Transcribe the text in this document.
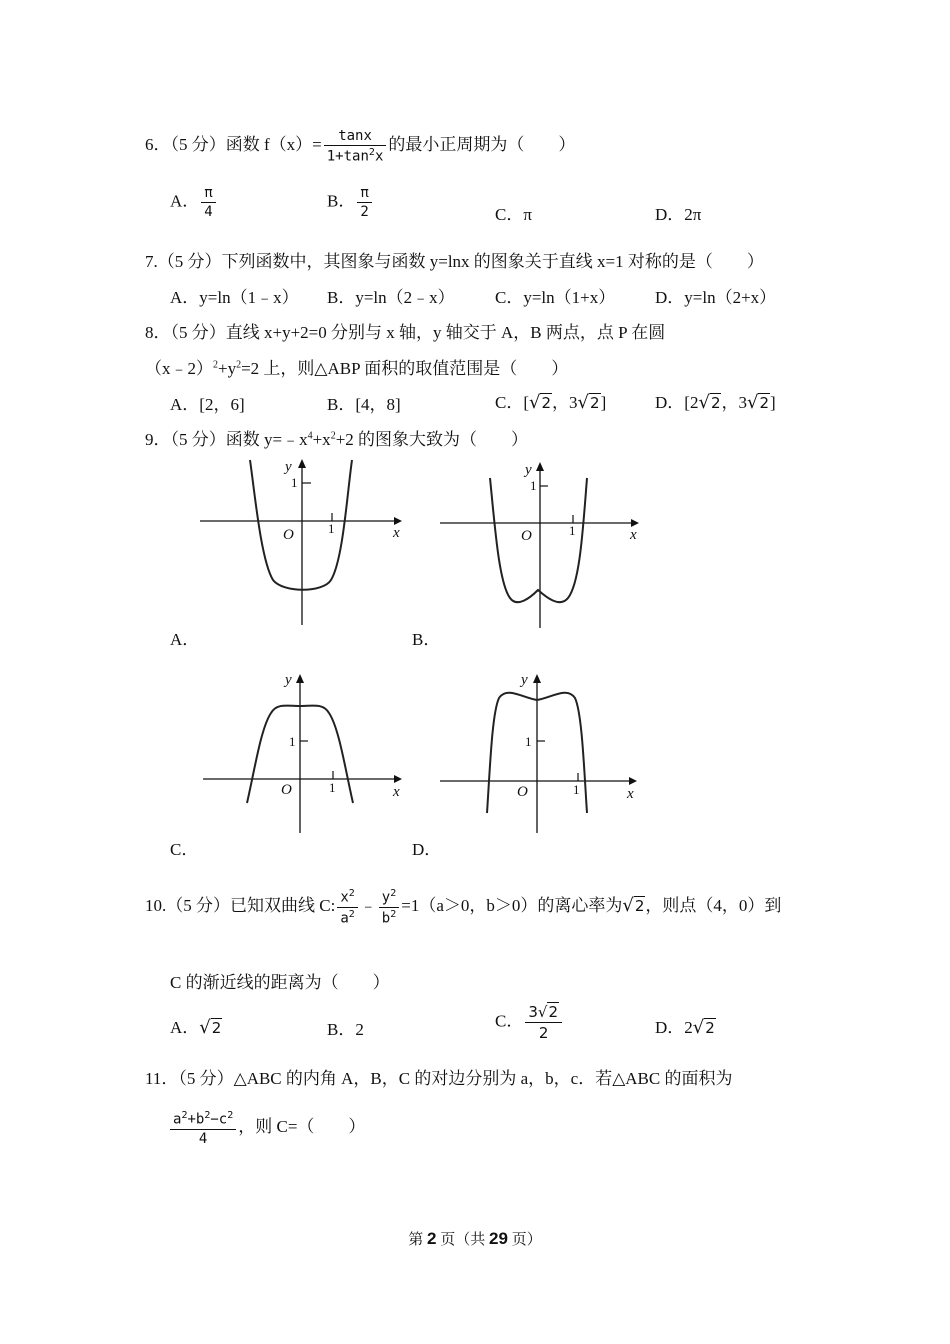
6．（5 分）函数 $f(x)= \frac{\tan x}{1+\tan^2x}$ 的最小正周期为（　　）
A． $\frac{\pi}{4}$	B． $\frac{\pi}{2}$	C．π	D．2π
7.（5 分）下列函数中，其图象与函数 y=lnx 的图象关于直线 x=1 对称的是（　　）
A．y=ln（1﹣x） B．y=ln（2﹣x） C．y=ln（1+x） D．y=ln（2+x）
8．（5 分）直线 x+y+2=0 分别与 x 轴，y 轴交于 A，B 两点，点 P 在圆
$(x﹣2)^2+y^2=2$ 上，则△ABP 面积的取值范围是（　　）
A．[2，6]	B．[4，8]	C．[√2，3√2]	D．[2√2，3√2]
9．（5 分）函数 $y=﹣x^4+x^2+2$ 的图象大致为（　　）
y
1
O	1	x
A．
y
1
O	1	x
B．
y
1
O	1	x
C．
y
1
O	1	x
D．
10.（5 分）已知双曲线 C: $\frac{x^2}{a^2}$ ﹣ $\frac{y^2}{b^2} =1(a>0$，b＞0）的离心率为√2，则点（4，0）到
C 的渐近线的距离为（　　）
A．√2	B．2	C． $\frac{3√2}{2}$	D．2√2
11．（5 分）△ABC 的内角 A，B，C 的对边分别为 a，b，c．若△ABC 的面积为
$\frac{a^2+b^2-c^2}{4}$ ，则 C=（　　）
第 2 页（共 29 页）
